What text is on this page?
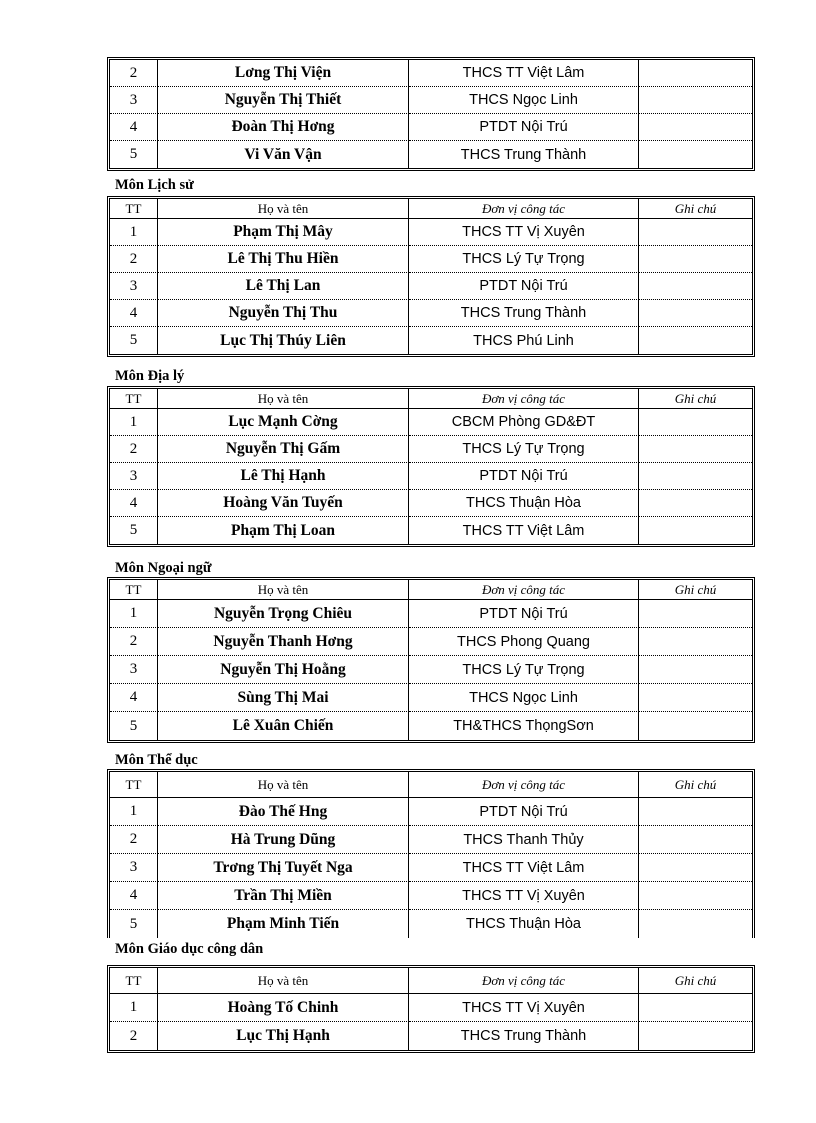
2	Lơng Thị Viện	THCS TT Việt Lâm	
3	Nguyễn Thị Thiết	THCS Ngọc Linh	
4	Đoàn Thị Hơng	PTDT Nội Trú	
5	Vi Văn Vận	THCS Trung Thành	
Môn Lịch sử
TT	Họ và tên	Đơn vị công tác	Ghi chú
1	Phạm Thị Mây	THCS TT Vị Xuyên	
2	Lê Thị Thu Hiền	THCS Lý Tự Trọng	
3	Lê Thị Lan	PTDT Nội Trú	
4	Nguyễn Thị Thu	THCS Trung Thành	
5	Lục Thị Thúy Liên	THCS Phú Linh	
Môn Địa lý
TT	Họ và tên	Đơn vị công tác	Ghi chú
1	Lục Mạnh Cờng	CBCM Phòng GD&ĐT	
2	Nguyễn Thị Gấm	THCS Lý Tự Trọng	
3	Lê Thị Hạnh	PTDT Nội Trú	
4	Hoàng Văn Tuyến	THCS Thuận Hòa	
5	Phạm Thị Loan	THCS TT Việt Lâm	
Môn Ngoại ngữ
TT	Họ và tên	Đơn vị công tác	Ghi chú
1	Nguyễn Trọng Chiêu	PTDT Nội Trú	
2	Nguyễn Thanh Hơng	THCS Phong Quang	
3	Nguyễn Thị Hoằng	THCS Lý Tự Trọng	
4	Sùng Thị Mai	THCS Ngọc Linh	
5	Lê Xuân Chiến	TH&THCS ThọngSơn	
Môn Thể dục
TT	Họ và tên	Đơn vị công tác	Ghi chú
1	Đào Thế Hng	PTDT Nội Trú	
2	Hà Trung Dũng	THCS Thanh Thủy	
3	Trơng Thị Tuyết Nga	THCS TT Việt Lâm	
4	Trần Thị Miền	THCS TT Vị Xuyên	
5	Phạm Minh Tiến	THCS Thuận Hòa	
Môn Giáo dục công dân
TT	Họ và tên	Đơn vị công tác	Ghi chú
1	Hoàng Tố Chinh	THCS TT Vị Xuyên	
2	Lục Thị Hạnh	THCS Trung Thành	
